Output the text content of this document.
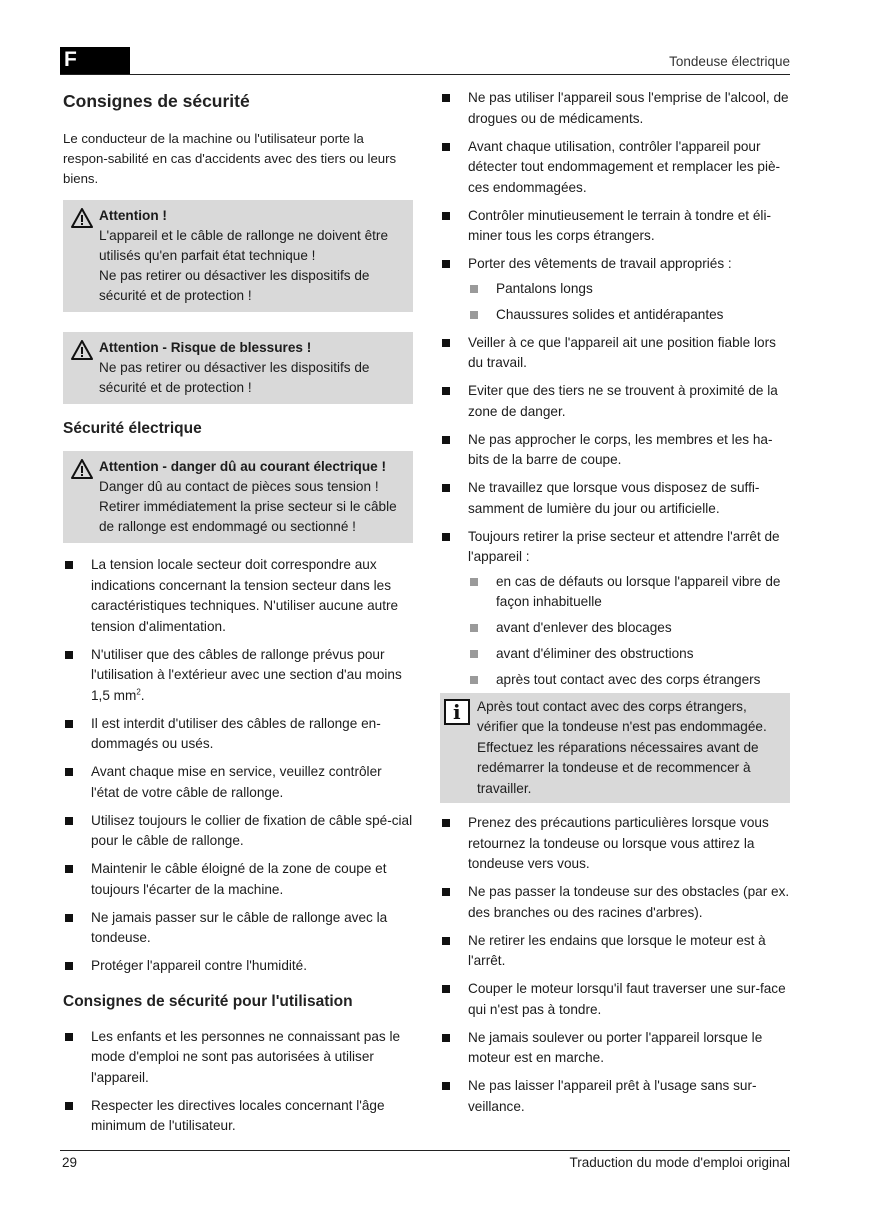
F	Tondeuse électrique
Consignes de sécurité

Le conducteur de la machine ou l'utilisateur porte la respon-sabilité en cas d'accidents avec des tiers ou leurs biens.

Attention !
L'appareil et le câble de rallonge ne doivent être utilisés qu'en parfait état technique !
Ne pas retirer ou désactiver les dispositifs de sécurité et de protection !
Attention - Risque de blessures !
Ne pas retirer ou désactiver les dispositifs de sécurité et de protection !
Sécurité électrique
Attention - danger dû au courant électrique !
Danger dû au contact de pièces sous tension !
Retirer immédiatement la prise secteur si le câble de rallonge est endommagé ou sectionné !
La tension locale secteur doit correspondre aux indications concernant la tension secteur dans les caractéristiques techniques. N'utiliser aucune autre tension d'alimentation.
N'utiliser que des câbles de rallonge prévus pour l'utilisation à l'extérieur avec une section d'au moins 1,5 $mm^2$.
Il est interdit d'utiliser des câbles de rallonge en-dommagés ou usés.
Avant chaque mise en service, veuillez contrôler l'état de votre câble de rallonge.
Utilisez toujours le collier de fixation de câble spé-cial pour le câble de rallonge.
Maintenir le câble éloigné de la zone de coupe et toujours l'écarter de la machine.
Ne jamais passer sur le câble de rallonge avec la tondeuse.
Protéger l'appareil contre l'humidité.
Consignes de sécurité pour l'utilisation
Les enfants et les personnes ne connaissant pas le mode d'emploi ne sont pas autorisées à utiliser l'appareil.
Respecter les directives locales concernant l'âge minimum de l'utilisateur.
Ne pas utiliser l'appareil sous l'emprise de l'alcool, de drogues ou de médicaments.
Avant chaque utilisation, contrôler l'appareil pour détecter tout endommagement et remplacer les piè-ces endommagées.
Contrôler minutieusement le terrain à tondre et éli-miner tous les corps étrangers.
Porter des vêtements de travail appropriés :
Pantalons longs
Chaussures solides et antidérapantes
Veiller à ce que l'appareil ait une position fiable lors du travail.
Eviter que des tiers ne se trouvent à proximité de la zone de danger.
Ne pas approcher le corps, les membres et les ha-bits de la barre de coupe.
Ne travaillez que lorsque vous disposez de suffi-samment de lumière du jour ou artificielle.
Toujours retirer la prise secteur et attendre l'arrêt de l'appareil :
en cas de défauts ou lorsque l'appareil vibre de façon inhabituelle
avant d'enlever des blocages
avant d'éliminer des obstructions
après tout contact avec des corps étrangers
i Après tout contact avec des corps étrangers, vérifier que la tondeuse n'est pas endommagée. Effectuez les réparations nécessaires avant de redémarrer la tondeuse et de recommencer à travailler.
Prenez des précautions particulières lorsque vous retournez la tondeuse ou lorsque vous attirez la tondeuse vers vous.
Ne pas passer la tondeuse sur des obstacles (par ex. des branches ou des racines d'arbres).
Ne retirer les endains que lorsque le moteur est à l'arrêt.
Couper le moteur lorsqu'il faut traverser une sur-face qui n'est pas à tondre.
Ne jamais soulever ou porter l'appareil lorsque le moteur est en marche.
Ne pas laisser l'appareil prêt à l'usage sans sur-veillance.
29	Traduction du mode d'emploi original
